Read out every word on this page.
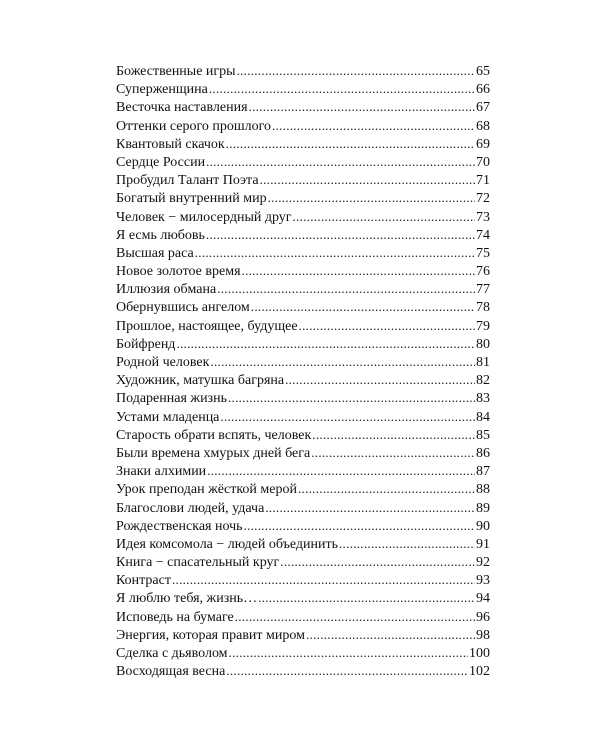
Божественные игры .....	65
Суперженщина .....	66
Весточка наставления .....	67
Оттенки серого прошлого .....	68
Квантовый скачок .....	69
Сердце России .....	70
Пробудил Талант Поэта .....	71
Богатый внутренний мир .....	72
Человек − милосердный друг .....	73
Я есмь любовь .....	74
Высшая раса .....	75
Новое золотое время .....	76
Иллюзия обмана .....	77
Обернувшись ангелом .....	78
Прошлое, настоящее, будущее .....	79
Бойфренд .....	80
Родной человек .....	81
Художник, матушка багряна .....	82
Подаренная жизнь .....	83
Устами младенца .....	84
Старость обрати вспять, человек .....	85
Были времена хмурых дней бега .....	86
Знаки алхимии .....	87
Урок преподан жёсткой мерой .....	88
Благослови людей, удача .....	89
Рождественская ночь .....	90
Идея комсомола − людей объединить .....	91
Книга − спасательный круг .....	92
Контраст .....	93
Я люблю тебя, жизнь… .....	94
Исповедь на бумаге .....	96
Энергия, которая правит миром .....	98
Сделка с дьяволом .....	100
Восходящая весна .....	102
